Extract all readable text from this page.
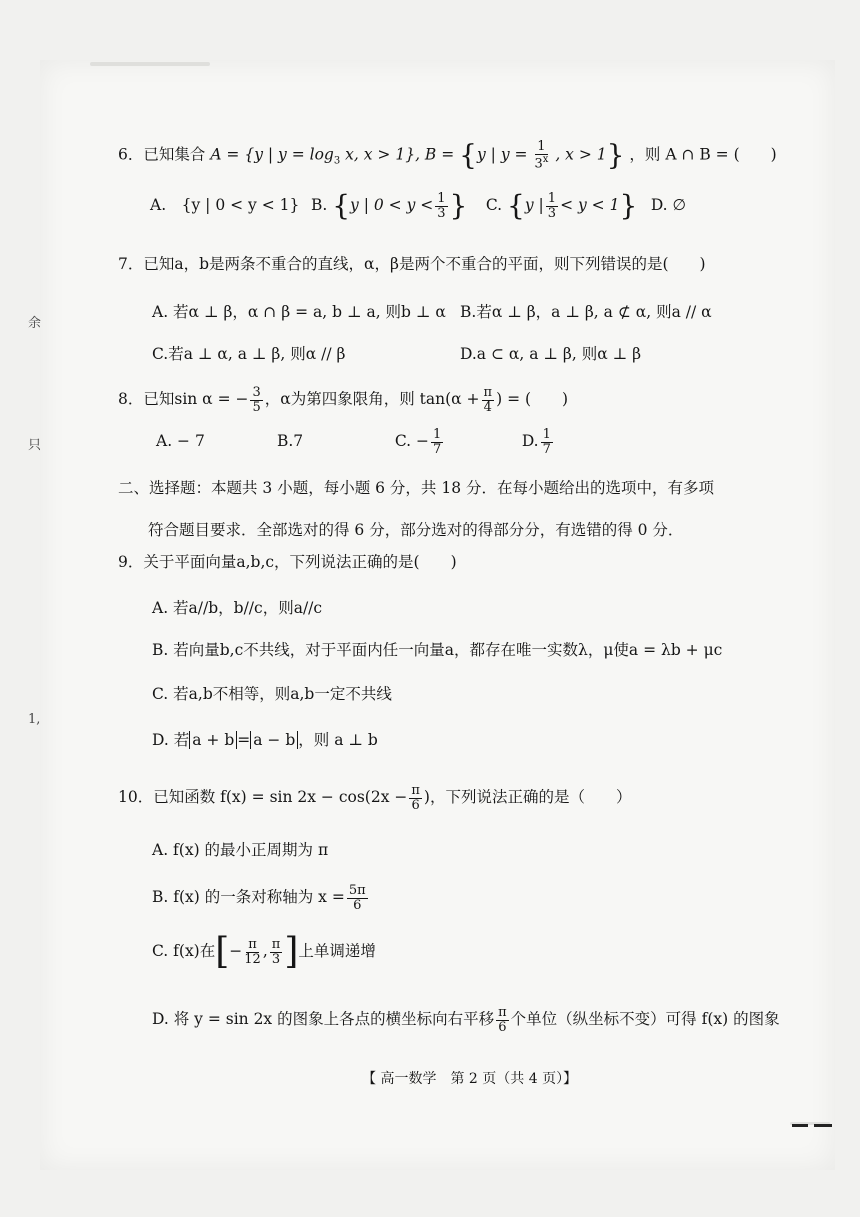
余
只
1,
6．已知集合 A = {y | $y = \log_3 x$, x > 1}, B = {y | $y = \frac{1}{3^x}$ , x > 1} ，则 A ∩ B = (　　)
A.　{y | 0 < y < 1} B. {y | $0 < y < \frac{1}{3}$ } C. {y | $\frac{1}{3} < y < 1$} D. ∅
7．已知a，b是两条不重合的直线，α，β是两个不重合的平面，则下列错误的是(　　)
A. 若α ⊥ β，α ∩ β = a, b ⊥ a, 则b ⊥ α B.若α ⊥ β，a ⊥ β, a ⊄ α, 则a // α
C.若a ⊥ α, a ⊥ β, 则α // β	D.a ⊂ α, a ⊥ β, 则α ⊥ β
8．已知sin α = − $\frac{3}{5}$ ，α为第四象限角，则 $\tan(\alpha + \frac{\pi}{4}$ ) = (　　)
A. − 7	B.7	C. − $\frac{1}{7}$	D. $\frac{1}{7}$
二、选择题：本题共 3 小题，每小题 6 分，共 18 分．在每小题给出的选项中，有多项
符合题目要求．全部选对的得 6 分，部分选对的得部分分，有选错的得 0 分．
9．关于平面向量a,b,c，下列说法正确的是(　　)
A. 若a//b，b//c，则a//c
B. 若向量b,c不共线，对于平面内任一向量a，都存在唯一实数λ，μ使a = λb + μc
C. 若a,b不相等，则a,b一定不共线
D. 若 a + b = a − b ，则 a ⊥ b
10．已知函数 $f(x) = \sin 2x - \cos(2x - \frac{\pi}{6}$ )，下列说法正确的是（　　）
A. f(x) 的最小正周期为 π
B. f(x) 的一条对称轴为 $x = \frac{5\pi}{6}$
C. f(x)在[− $\frac{\pi}{12}$ , $\frac{\pi}{3}$ ]上单调递增
D. 将 y = sin 2x 的图象上各点的横坐标向右平移 $\frac{\pi}{6}$ 个单位（纵坐标不变）可得 f(x) 的图象
【 高一数学　第 2 页（共 4 页）】
